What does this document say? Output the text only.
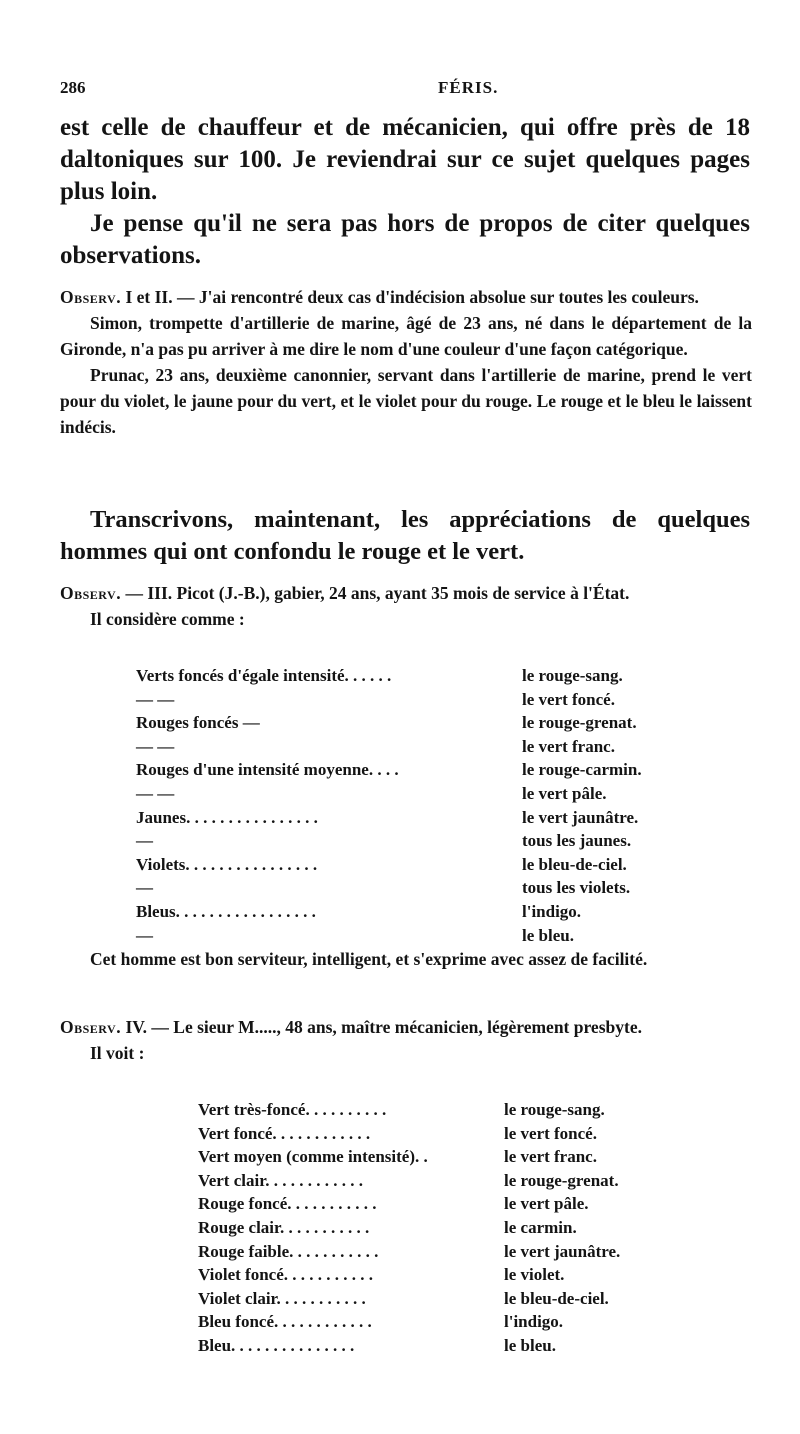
286	FÉRIS.

est celle de chauffeur et de mécanicien, qui offre près de 18 daltoniques sur 100. Je reviendrai sur ce sujet quelques pages plus loin.

Je pense qu'il ne sera pas hors de propos de citer quelques observations.

Observ. I et II. — J'ai rencontré deux cas d'indécision absolue sur toutes les couleurs.

Simon, trompette d'artillerie de marine, âgé de 23 ans, né dans le département de la Gironde, n'a pas pu arriver à me dire le nom d'une couleur d'une façon catégorique.

Prunac, 23 ans, deuxième canonnier, servant dans l'artillerie de marine, prend le vert pour du violet, le jaune pour du vert, et le violet pour du rouge. Le rouge et le bleu le laissent indécis.

Transcrivons, maintenant, les appréciations de quelques hommes qui ont confondu le rouge et le vert.

Observ. — III. Picot (J.-B.), gabier, 24 ans, ayant 35 mois de service à l'État.

Il considère comme :

Verts foncés d'égale intensité. . . . . .	le rouge-sang.
— —	le vert foncé.
Rouges foncés —	le rouge-grenat.
— —	le vert franc.
Rouges d'une intensité moyenne. . . .	le rouge-carmin.
— —	le vert pâle.
Jaunes. . . . . . . . . . . . . . . .	le vert jaunâtre.
—	tous les jaunes.
Violets. . . . . . . . . . . . . . . .	le bleu-de-ciel.
—	tous les violets.
Bleus. . . . . . . . . . . . . . . . .	l'indigo.
—	le bleu.

Cet homme est bon serviteur, intelligent, et s'exprime avec assez de facilité.

Observ. IV. — Le sieur M....., 48 ans, maître mécanicien, légèrement presbyte.

Il voit :

Vert très-foncé. . . . . . . . . .	le rouge-sang.
Vert foncé. . . . . . . . . . . .	le vert foncé.
Vert moyen (comme intensité). .	le vert franc.
Vert clair. . . . . . . . . . . .	le rouge-grenat.
Rouge foncé. . . . . . . . . . .	le vert pâle.
Rouge clair. . . . . . . . . . .	le carmin.
Rouge faible. . . . . . . . . . .	le vert jaunâtre.
Violet foncé. . . . . . . . . . .	le violet.
Violet clair. . . . . . . . . . .	le bleu-de-ciel.
Bleu foncé. . . . . . . . . . . .	l'indigo.
Bleu. . . . . . . . . . . . . . .	le bleu.
